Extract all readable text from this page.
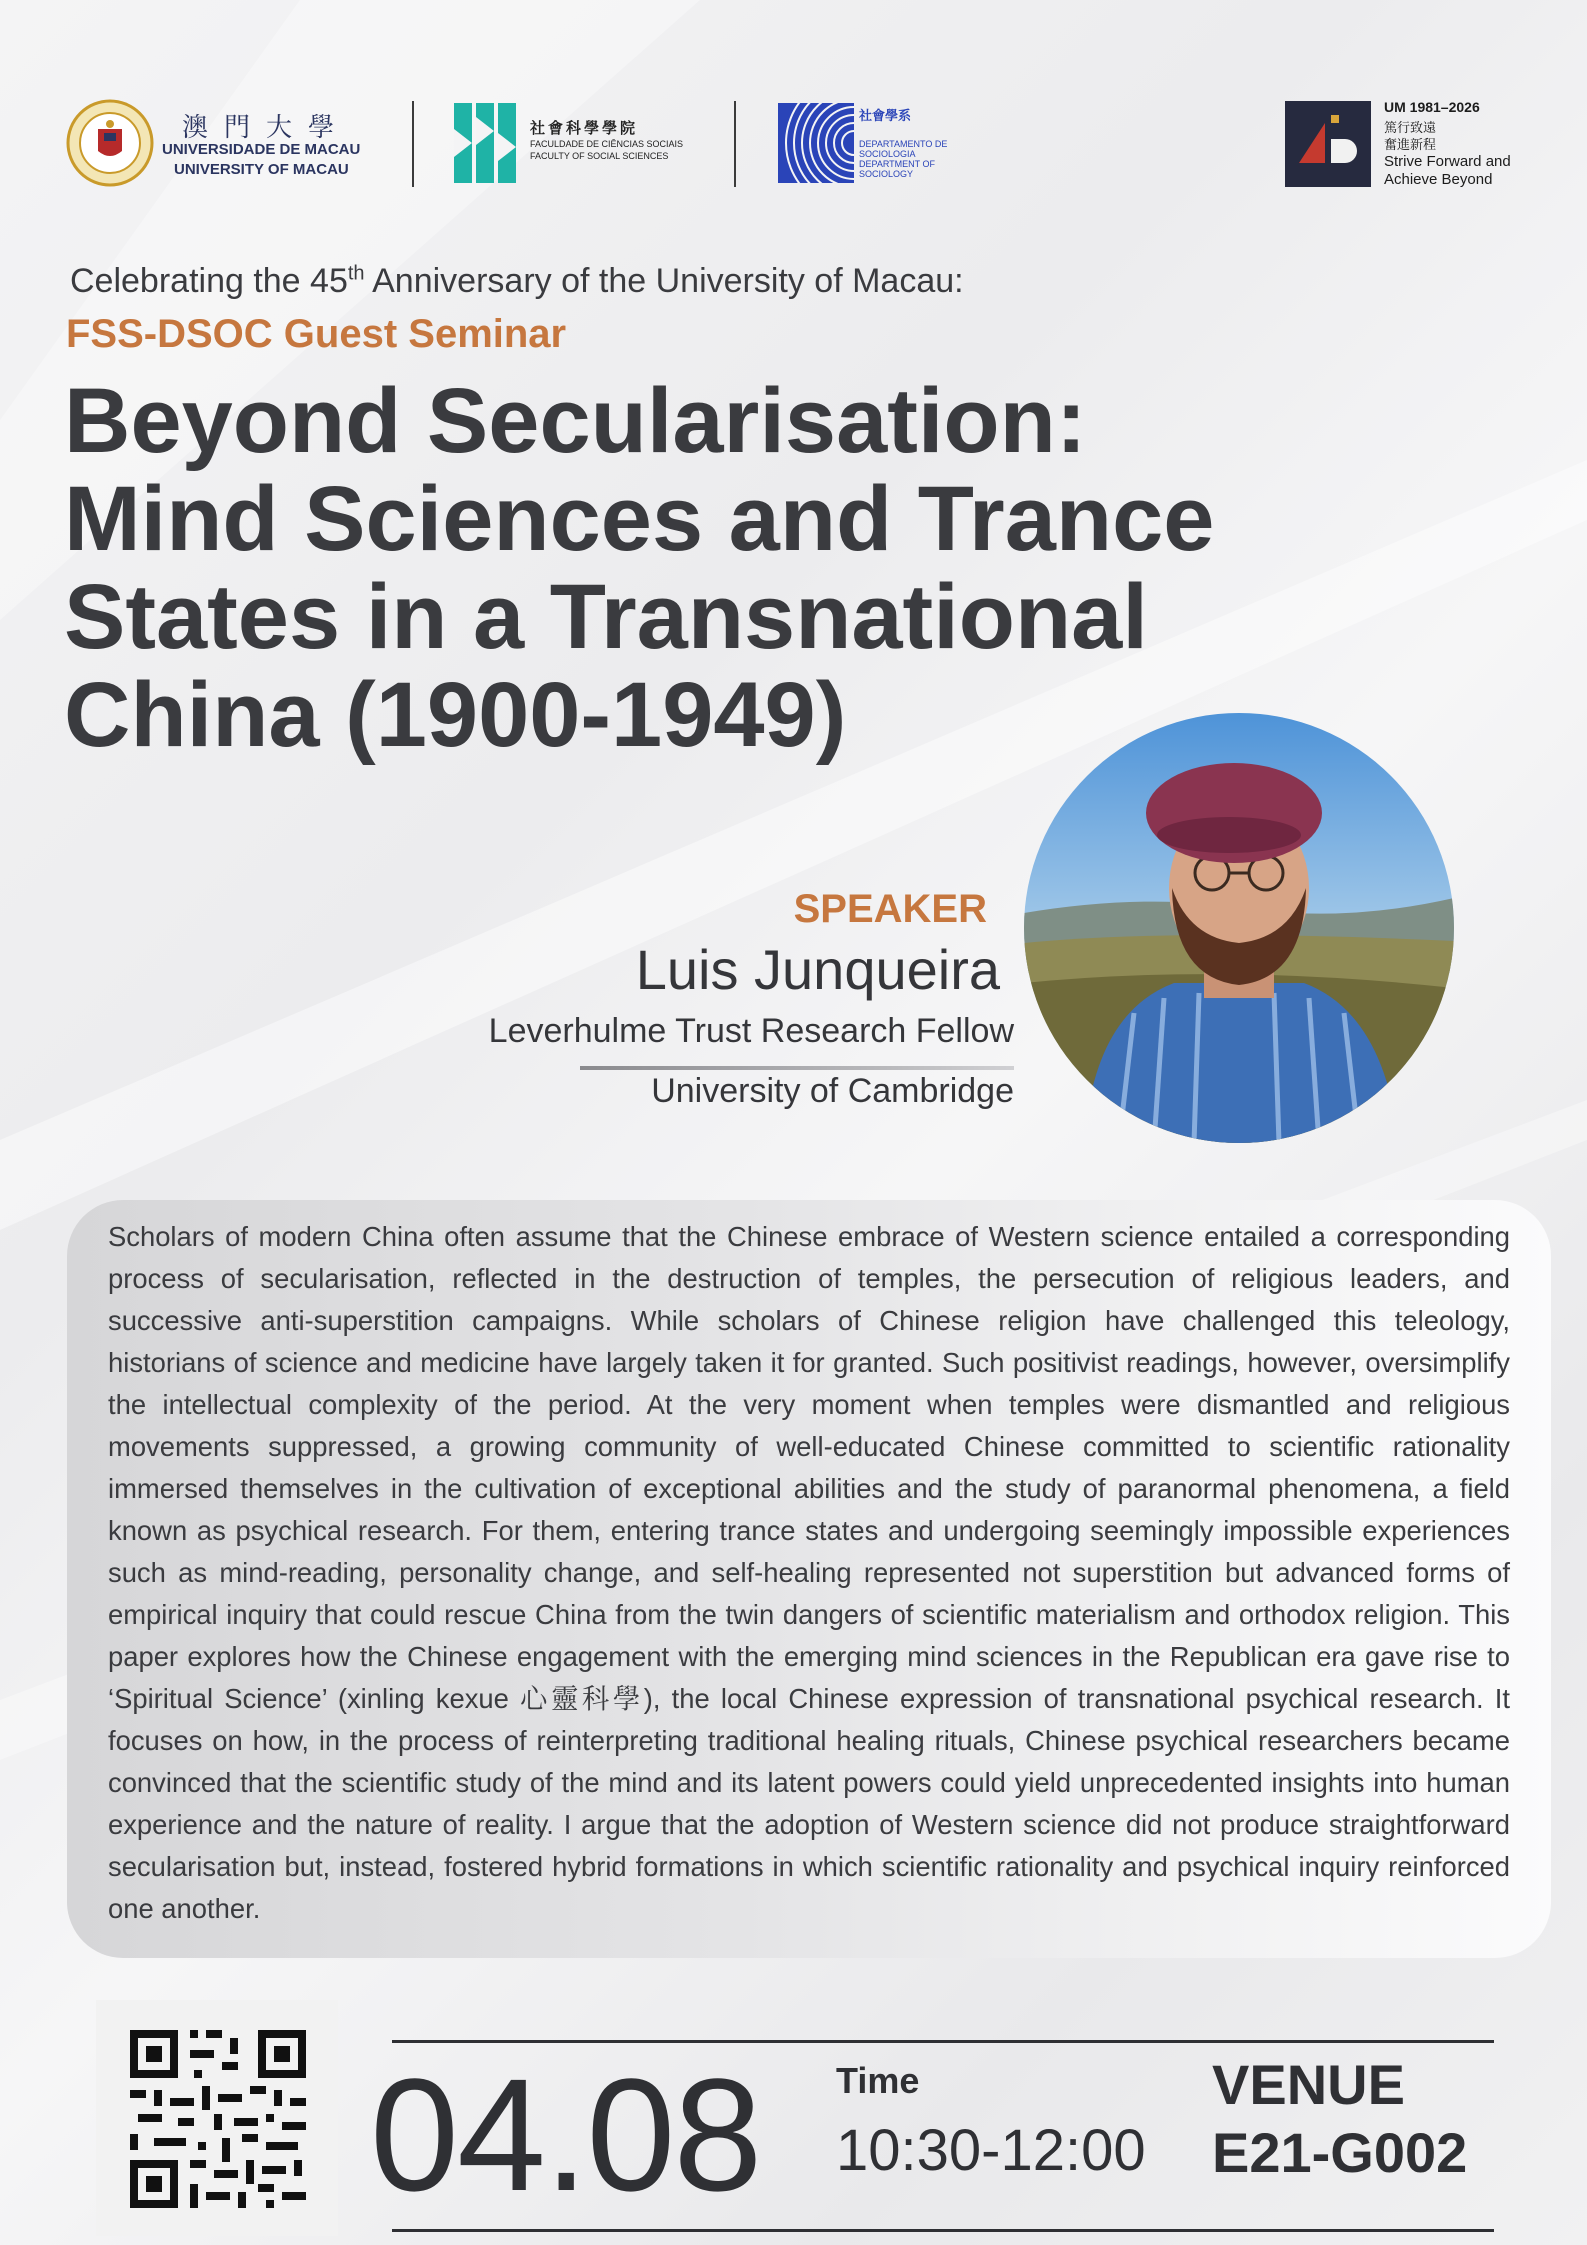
澳門大學
UNIVERSIDADE DE MACAU
UNIVERSITY OF MACAU
社會科學學院
FACULDADE DE CIÊNCIAS SOCIAIS
FACULTY OF SOCIAL SCIENCES
社會學系
DEPARTAMENTO DE SOCIOLOGIA
DEPARTMENT OF SOCIOLOGY
UM 1981–2026
篤行致遠
奮進新程
Strive Forward and
Achieve Beyond
Celebrating the 45th Anniversary of the University of Macau:
FSS-DSOC Guest Seminar
Beyond Secularisation:
Mind Sciences and Trance
States in a Transnational
China (1900-1949)
SPEAKER
Luis Junqueira
Leverhulme Trust Research Fellow
University of Cambridge

Scholars of modern China often assume that the Chinese embrace of Western science entailed a corresponding process of secularisation, reflected in the destruction of temples, the persecution of religious leaders, and successive anti-superstition campaigns. While scholars of Chinese religion have challenged this teleology, historians of science and medicine have largely taken it for granted. Such positivist readings, however, oversimplify the intellectual complexity of the period. At the very moment when temples were dismantled and religious movements suppressed, a growing community of well-educated Chinese committed to scientific rationality immersed themselves in the cultivation of exceptional abilities and the study of paranormal phenomena, a field known as psychical research. For them, entering trance states and undergoing seemingly impossible experiences such as mind-reading, personality change, and self-healing represented not superstition but advanced forms of empirical inquiry that could rescue China from the twin dangers of scientific materialism and orthodox religion. This paper explores how the Chinese engagement with the emerging mind sciences in the Republican era gave rise to ‘Spiritual Science’ (xinling kexue 心靈科學), the local Chinese expression of transnational psychical research. It focuses on how, in the process of reinterpreting traditional healing rituals, Chinese psychical researchers became convinced that the scientific study of the mind and its latent powers could yield unprecedented insights into human experience and the nature of reality. I argue that the adoption of Western science did not produce straightforward secularisation but, instead, fostered hybrid formations in which scientific rationality and psychical inquiry reinforced one another.

04.08 Time
10:30-12:00
VENUE
E21-G002
